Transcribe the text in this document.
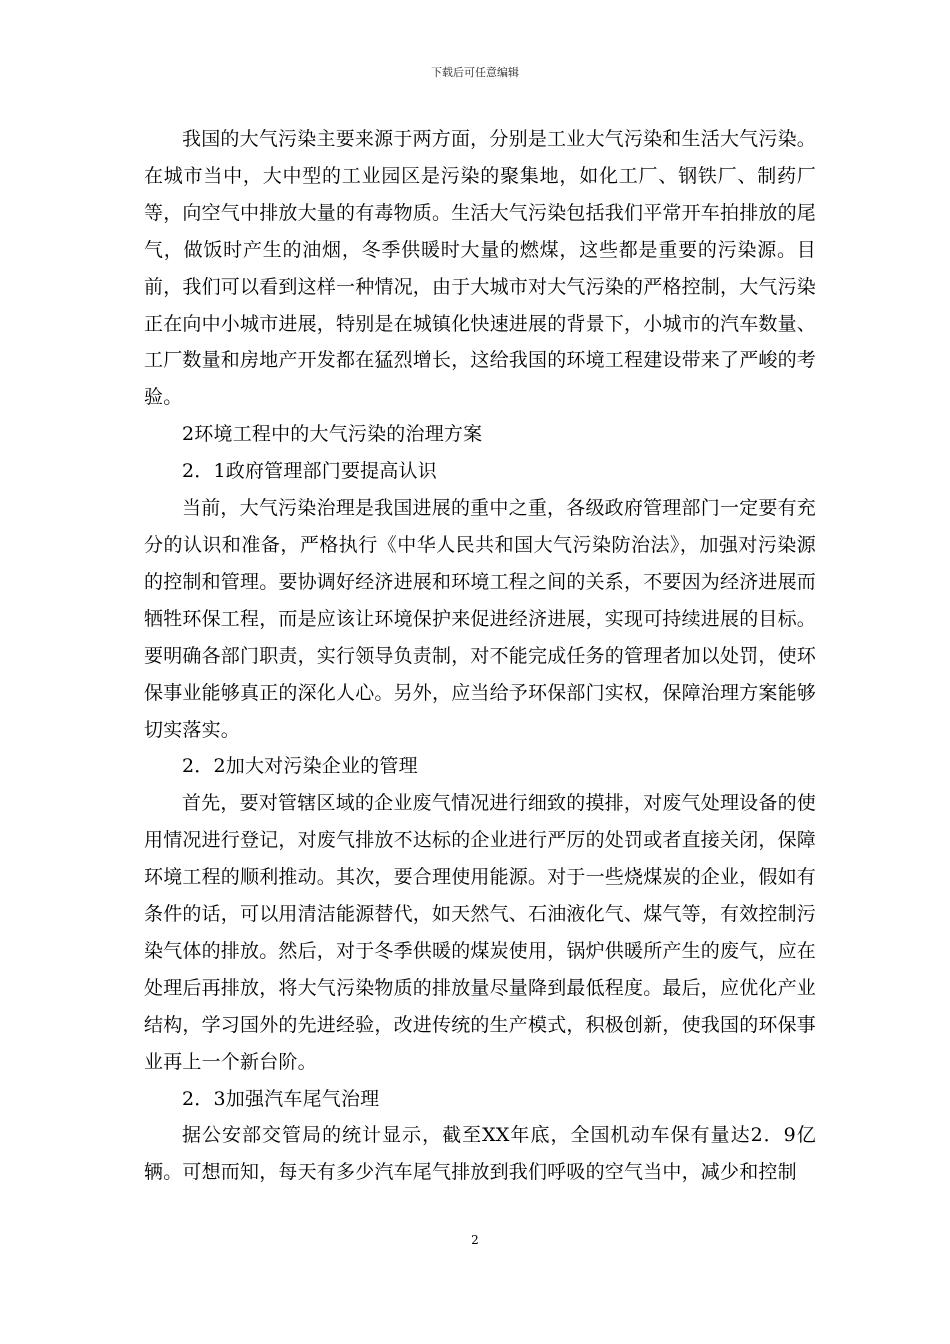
下载后可任意编辑

我国的大气污染主要来源于两方面，分别是工业大气污染和生活大气污染。在城市当中，大中型的工业园区是污染的聚集地，如化工厂、钢铁厂、制药厂等，向空气中排放大量的有毒物质。生活大气污染包括我们平常开车拍排放的尾气，做饭时产生的油烟，冬季供暖时大量的燃煤，这些都是重要的污染源。目前，我们可以看到这样一种情况，由于大城市对大气污染的严格控制，大气污染正在向中小城市进展，特别是在城镇化快速进展的背景下，小城市的汽车数量、工厂数量和房地产开发都在猛烈增长，这给我国的环境工程建设带来了严峻的考验。

2环境工程中的大气污染的治理方案

2．1政府管理部门要提高认识

当前，大气污染治理是我国进展的重中之重，各级政府管理部门一定要有充分的认识和准备，严格执行《中华人民共和国大气污染防治法》，加强对污染源的控制和管理。要协调好经济进展和环境工程之间的关系，不要因为经济进展而牺牲环保工程，而是应该让环境保护来促进经济进展，实现可持续进展的目标。要明确各部门职责，实行领导负责制，对不能完成任务的管理者加以处罚，使环保事业能够真正的深化人心。另外，应当给予环保部门实权，保障治理方案能够切实落实。

2．2加大对污染企业的管理

首先，要对管辖区域的企业废气情况进行细致的摸排，对废气处理设备的使用情况进行登记，对废气排放不达标的企业进行严厉的处罚或者直接关闭，保障环境工程的顺利推动。其次，要合理使用能源。对于一些烧煤炭的企业，假如有条件的话，可以用清洁能源替代，如天然气、石油液化气、煤气等，有效控制污染气体的排放。然后，对于冬季供暖的煤炭使用，锅炉供暖所产生的废气，应在处理后再排放，将大气污染物质的排放量尽量降到最低程度。最后，应优化产业结构，学习国外的先进经验，改进传统的生产模式，积极创新，使我国的环保事业再上一个新台阶。

2．3加强汽车尾气治理

据公安部交管局的统计显示，截至XX年底，全国机动车保有量达2．9亿辆。可想而知，每天有多少汽车尾气排放到我们呼吸的空气当中，减少和控制

2
